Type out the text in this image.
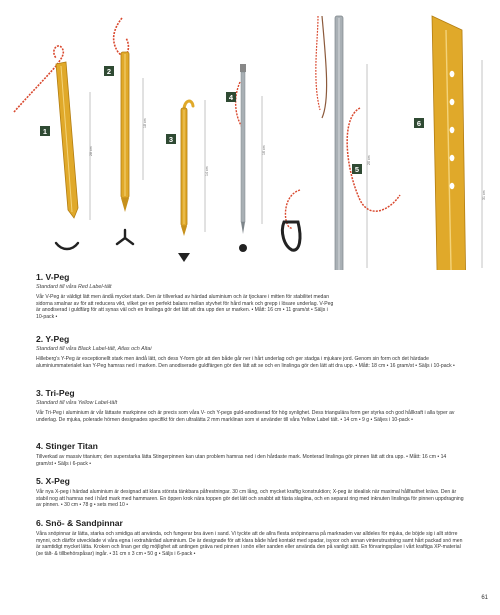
1
28 cm
2
18 cm
3
14 cm
4
16 cm
5
20 cm
6
31 cm
1. V-Peg
Standard till våra Red Label-tält
Vår V-Peg är väldigt lätt men ändå mycket stark. Den är tillverkad av härdad aluminium och är tjockare i mitten för stabilitet medan sidorna smalnar av för att reducera vikt, vilket ger en perfekt balans mellan styvhet för hård mark och grepp i lösare underlag. V-Peg är anodiserad i guldfärg för att synas väl och en linslinga gör det lätt att dra upp den ur marken. • Mått: 16 cm • 11 gram/st • Säljs i 10-pack •
2. Y-Peg
Standard till våra Black Label-tält, Atlas och Altai
Hilleberg’s Y-Peg är exceptionellt stark men ändå lätt, och dess Y-form gör att den både går ner i hårt underlag och ger stadga i mjukare jord. Genom sin form och det härdade aluminiummaterialet kan Y-Peg hamras ned i marken. Den anodiserade guldfärgen gör den lätt att se och en linslinga gör den lätt att dra upp. • Mått: 18 cm • 16 gram/st • Säljs i 10-pack •
3. Tri-Peg
Standard till våra Yellow Label-tält
Vår Tri-Peg i aluminium är vår lättaste markpinne och är precis som våra V- och Y-pegs guld-anodiserad för hög synlighet. Dess triangulära form ger styrka och god hållkraft i alla typer av underlag. De mjuka, polerade hörnen designades specifikt för den ultralätta 2 mm marklinan som vi använder till våra Yellow Label tält. • 14 cm • 9 g • Säljes i 10-pack •
4. Stinger Titan
Tillverkad av massiv titanium; den superstarka lätta Stingerpinnen kan utan problem hamras ned i den hårdaste mark. Monterad linslinga gör pinnen lätt att dra upp. • Mått: 16 cm • 14 gram/st • Säljs i 6-pack •
5. X-Peg
Vår nya X-peg i härdad aluminium är designad att klara största tänkbara påfrestningar. 30 cm lång, och mycket kraftig konstruktion; X-peg är idealisk när maximal hållfasthet krävs. Den är stabil nog att hamras ned i hård mark med hammaren. En öppen krok nära toppen gör det lätt och snabbt att fästa slagiina, och en separat ring med inknuten linslinga för pinnen uppdragning av pinnen. • 30 cm • 78 g • sets med 10 •
6. Snö- & Sandpinnar
Våra snöpinnar är lätta, starka och smidiga att använda, och fungerar bra även i sand. Vi tyckte att de allra flesta snöpinnarna på marknaden var alldeles för mjuka, de böjde sig i allt större mynni, och därför utvecklade vi våra egna i extrahärdad aluminium. De är designade för att klara både hård kontakt med spadar, isyxor och annan vinterutrustning samt hårt packad snö men är samtidigt mycket lätta. Kroken och linan ger dig möjlighet att antingen gräva ned pinnen i snön eller sanden eller använda den på vanligt sätt. En förvaringspåse i vårt kraftiga XP-material (se tält- & tillbehörspåsar) ingår. • 31 cm x 3 cm • 50 g • Säljs i 6-pack •
61
